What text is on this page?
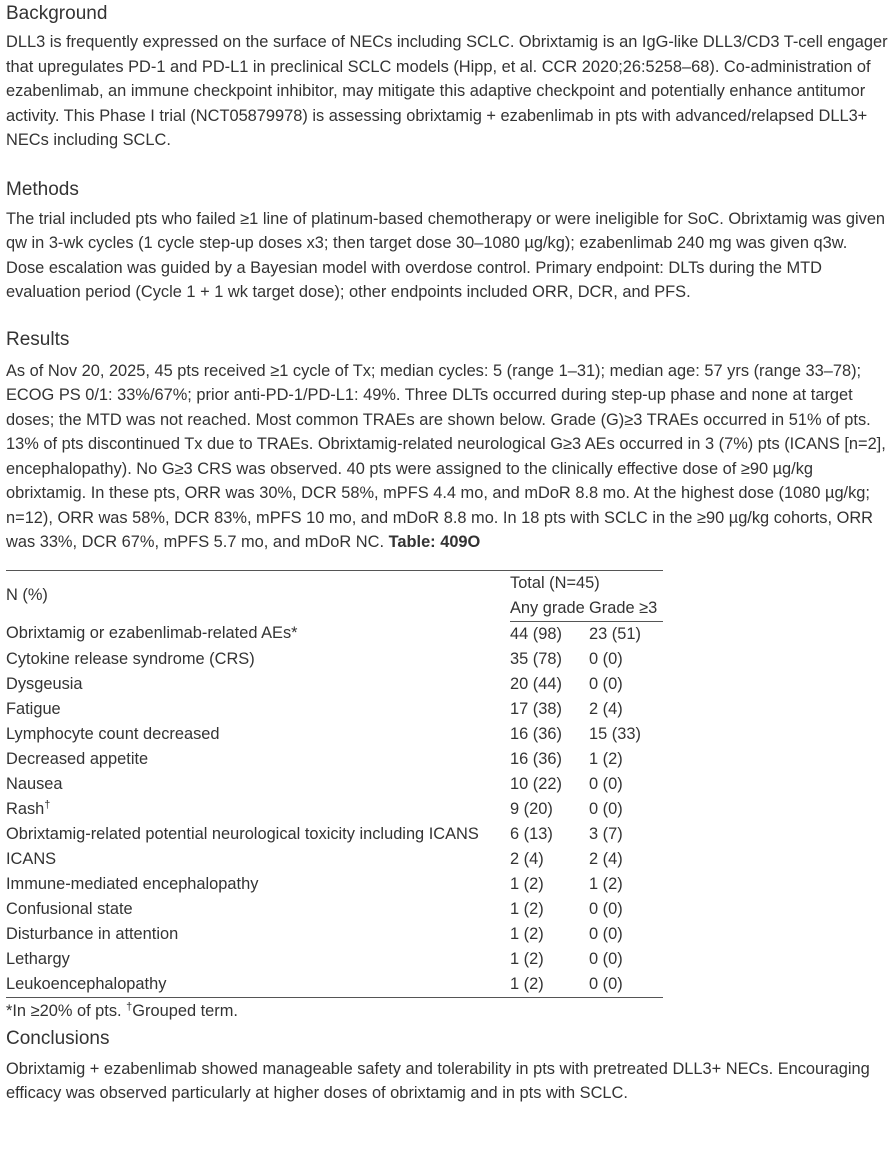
Background

DLL3 is frequently expressed on the surface of NECs including SCLC. Obrixtamig is an IgG-like DLL3/CD3 T-cell engager that upregulates PD-1 and PD-L1 in preclinical SCLC models (Hipp, et al. CCR 2020;26:5258–68). Co-administration of ezabenlimab, an immune checkpoint inhibitor, may mitigate this adaptive checkpoint and potentially enhance antitumor activity. This Phase I trial (NCT05879978) is assessing obrixtamig + ezabenlimab in pts with advanced/relapsed DLL3+ NECs including SCLC.

Methods

The trial included pts who failed ≥1 line of platinum-based chemotherapy or were ineligible for SoC. Obrixtamig was given qw in 3-wk cycles (1 cycle step-up doses x3; then target dose 30–1080 µg/kg); ezabenlimab 240 mg was given q3w. Dose escalation was guided by a Bayesian model with overdose control. Primary endpoint: DLTs during the MTD evaluation period (Cycle 1 + 1 wk target dose); other endpoints included ORR, DCR, and PFS.

Results

As of Nov 20, 2025, 45 pts received ≥1 cycle of Tx; median cycles: 5 (range 1–31); median age: 57 yrs (range 33–78); ECOG PS 0/1: 33%/67%; prior anti-PD-1/PD-L1: 49%. Three DLTs occurred during step-up phase and none at target doses; the MTD was not reached. Most common TRAEs are shown below. Grade (G)≥3 TRAEs occurred in 51% of pts. 13% of pts discontinued Tx due to TRAEs. Obrixtamig-related neurological G≥3 AEs occurred in 3 (7%) pts (ICANS [n=2], encephalopathy). No G≥3 CRS was observed. 40 pts were assigned to the clinically effective dose of ≥90 µg/kg obrixtamig. In these pts, ORR was 30%, DCR 58%, mPFS 4.4 mo, and mDoR 8.8 mo. At the highest dose (1080 µg/kg; n=12), ORR was 58%, DCR 83%, mPFS 10 mo, and mDoR 8.8 mo. In 18 pts with SCLC in the ≥90 µg/kg cohorts, ORR was 33%, DCR 67%, mPFS 5.7 mo, and mDoR NC. Table: 409O

N (%)	Total (N=45)	
	Any grade	Grade ≥3
Obrixtamig or ezabenlimab-related AEs*	44 (98)	23 (51)
Cytokine release syndrome (CRS)	35 (78)	0 (0)
Dysgeusia	20 (44)	0 (0)
Fatigue	17 (38)	2 (4)
Lymphocyte count decreased	16 (36)	15 (33)
Decreased appetite	16 (36)	1 (2)
Nausea	10 (22)	0 (0)
Rash†	9 (20)	0 (0)
Obrixtamig-related potential neurological toxicity including ICANS	6 (13)	3 (7)
ICANS	2 (4)	2 (4)
Immune-mediated encephalopathy	1 (2)	1 (2)
Confusional state	1 (2)	0 (0)
Disturbance in attention	1 (2)	0 (0)
Lethargy	1 (2)	0 (0)
Leukoencephalopathy	1 (2)	0 (0)
*In ≥20% of pts. †Grouped term.
Conclusions

Obrixtamig + ezabenlimab showed manageable safety and tolerability in pts with pretreated DLL3+ NECs. Encouraging efficacy was observed particularly at higher doses of obrixtamig and in pts with SCLC.
